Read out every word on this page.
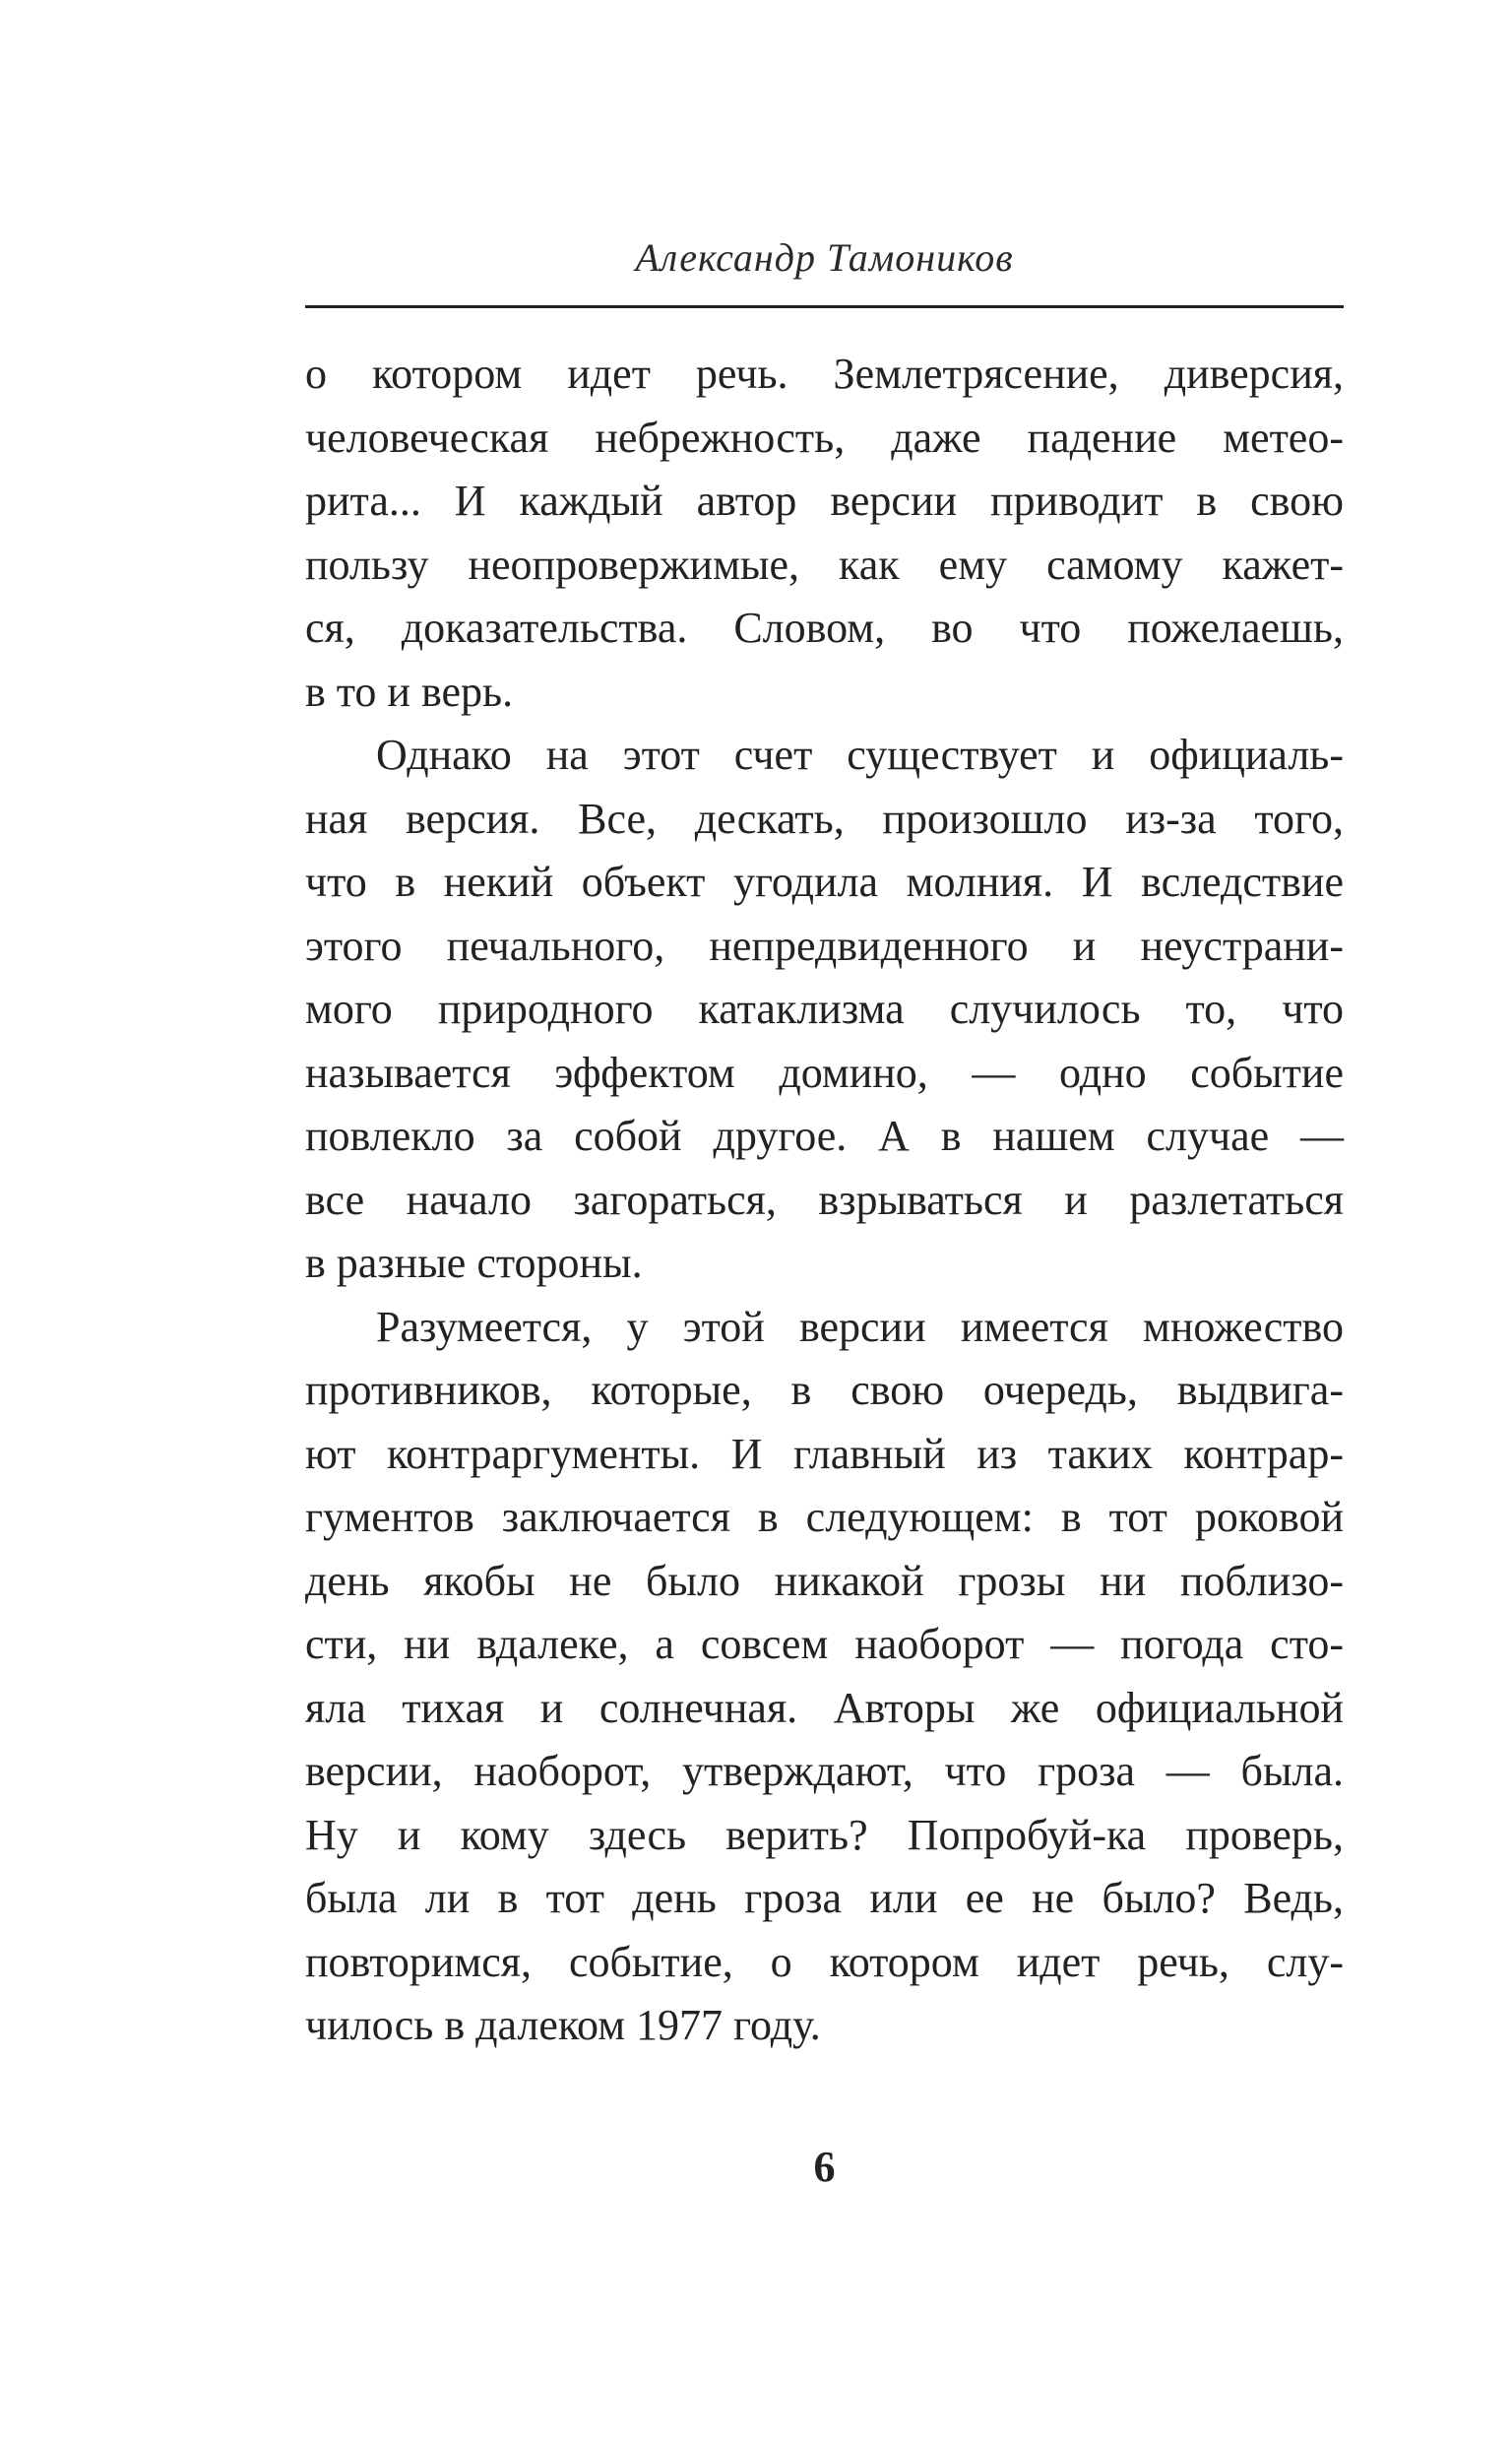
Александр Тамоников
о котором идет речь. Землетрясение, диверсия,
человеческая небрежность, даже падение метео-
рита... И каждый автор версии приводит в свою
пользу неопровержимые, как ему самому кажет-
ся, доказательства. Словом, во что пожелаешь,
в то и верь.
Однако на этот счет существует и официаль-
ная версия. Все, дескать, произошло из-за того,
что в некий объект угодила молния. И вследствие
этого печального, непредвиденного и неустрани-
мого природного катаклизма случилось то, что
называется эффектом домино, — одно событие
повлекло за собой другое. А в нашем случае —
все начало загораться, взрываться и разлетаться
в разные стороны.
Разумеется, у этой версии имеется множество
противников, которые, в свою очередь, выдвига-
ют контраргументы. И главный из таких контраp-
гументов заключается в следующем: в тот роковой
день якобы не было никакой грозы ни поблизо-
сти, ни вдалеке, а совсем наоборот — погода сто-
яла тихая и солнечная. Авторы же официальной
версии, наоборот, утверждают, что гроза — была.
Ну и кому здесь верить? Попробуй-ка проверь,
была ли в тот день гроза или ее не было? Ведь,
повторимся, событие, о котором идет речь, слу-
чилось в далеком 1977 году.
6
